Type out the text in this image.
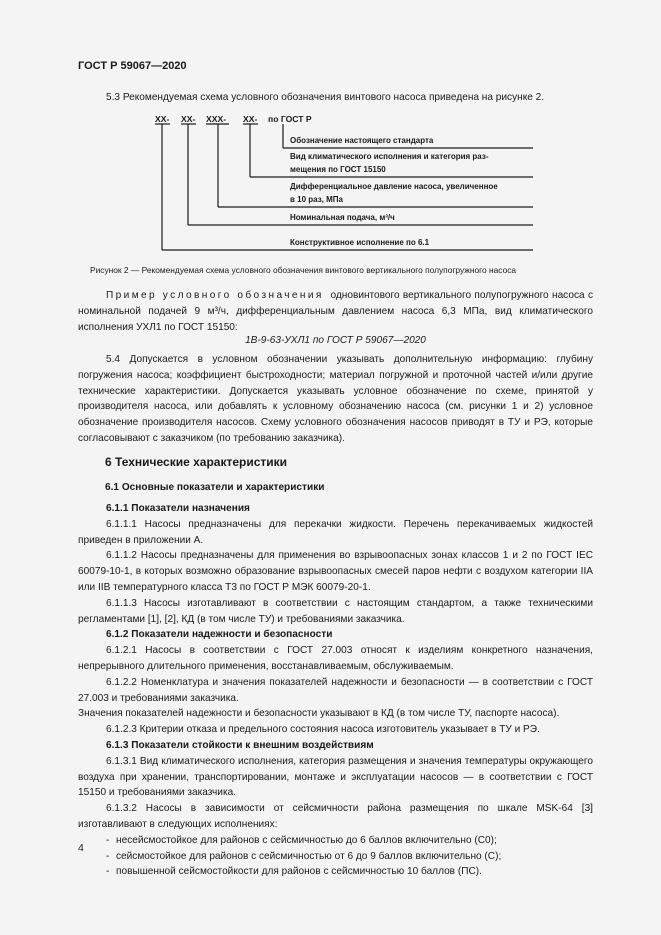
ГОСТ Р 59067—2020

5.3 Рекомендуемая схема условного обозначения винтового насоса приведена на рисунке 2.

ХХ- ХХ- ХХХ- ХХ- по ГОСТ Р
Обозначение настоящего стандарта
Вид климатического исполнения и категория раз-
мещения по ГОСТ 15150
Дифференциальное давление насоса, увеличенное
в 10 раз, МПа
Номинальная подача, м³/ч
Конструктивное исполнение по 6.1
Рисунок 2 — Рекомендуемая схема условного обозначения винтового вертикального полупогружного насоса

Пример условного обозначения одновинтового вертикального полупогружного насоса с номинальной подачей 9 м³/ч, дифференциальным давлением насоса 6,3 МПа, вид климатического исполнения УХЛ1 по ГОСТ 15150:

1В-9-63-УХЛ1 по ГОСТ Р 59067—2020

5.4 Допускается в условном обозначении указывать дополнительную информацию: глубину погружения насоса; коэффициент быстроходности; материал погружной и проточной частей и/или другие технические характеристики. Допускается указывать условное обозначение по схеме, принятой у производителя насоса, или добавлять к условному обозначению насоса (см. рисунки 1 и 2) условное обозначение производителя насосов. Схему условного обозначения насосов приводят в ТУ и РЭ, которые согласовывают с заказчиком (по требованию заказчика).

6 Технические характеристики
6.1 Основные показатели и характеристики
6.1.1 Показатели назначения

6.1.1.1 Насосы предназначены для перекачки жидкости. Перечень перекачиваемых жидкостей приведен в приложении А.

6.1.1.2 Насосы предназначены для применения во взрывоопасных зонах классов 1 и 2 по ГОСТ IEC 60079-10-1, в которых возможно образование взрывоопасных смесей паров нефти с воздухом категории IIA или IIB температурного класса Т3 по ГОСТ Р МЭК 60079-20-1.

6.1.1.3 Насосы изготавливают в соответствии с настоящим стандартом, а также техническими регламентами [1], [2], КД (в том числе ТУ) и требованиями заказчика.

6.1.2 Показатели надежности и безопасности

6.1.2.1 Насосы в соответствии с ГОСТ 27.003 относят к изделиям конкретного назначения, непрерывного длительного применения, восстанавливаемым, обслуживаемым.

6.1.2.2 Номенклатура и значения показателей надежности и безопасности — в соответствии с ГОСТ 27.003 и требованиями заказчика.

Значения показателей надежности и безопасности указывают в КД (в том числе ТУ, паспорте насоса).

6.1.2.3 Критерии отказа и предельного состояния насоса изготовитель указывает в ТУ и РЭ.

6.1.3 Показатели стойкости к внешним воздействиям

6.1.3.1 Вид климатического исполнения, категория размещения и значения температуры окружающего воздуха при хранении, транспортировании, монтаже и эксплуатации насосов — в соответствии с ГОСТ 15150 и требованиями заказчика.

6.1.3.2 Насосы в зависимости от сейсмичности района размещения по шкале MSK-64 [3] изготавливают в следующих исполнениях:

- несейсмостойкое для районов с сейсмичностью до 6 баллов включительно (С0);
- сейсмостойкое для районов с сейсмичностью от 6 до 9 баллов включительно (С);
- повышенной сейсмостойкости для районов с сейсмичностью 10 баллов (ПС).
4
